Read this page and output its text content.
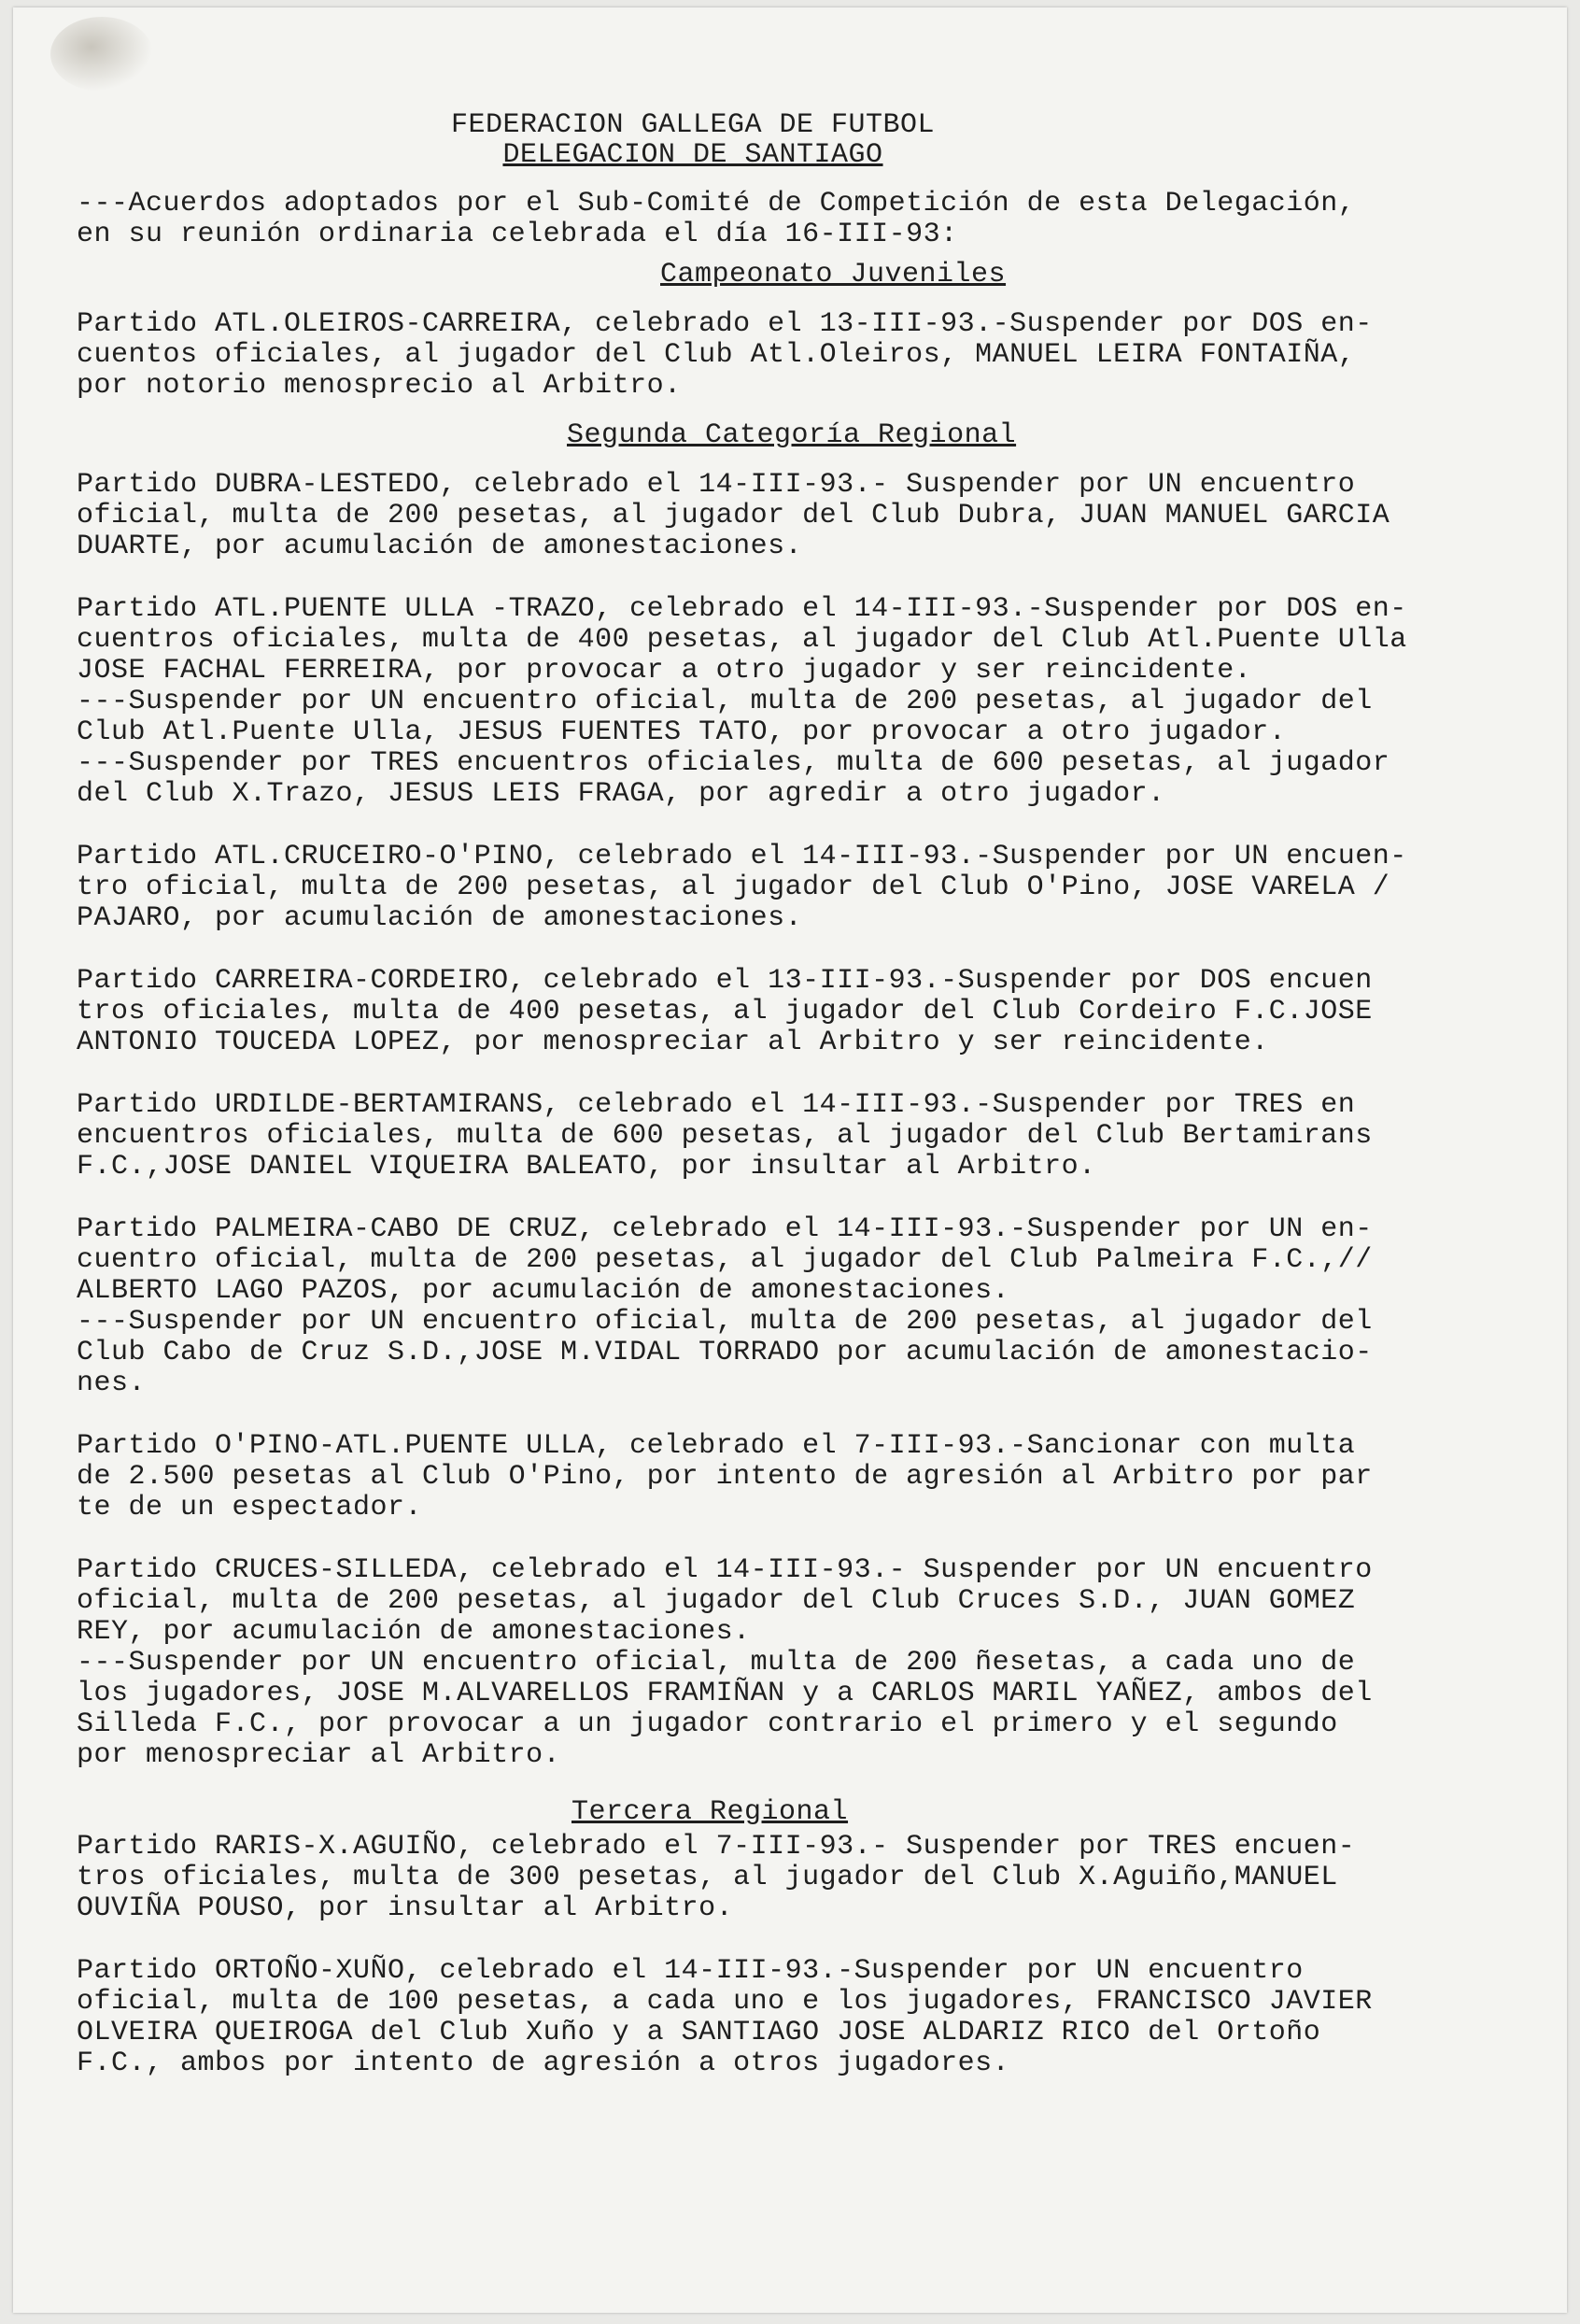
FEDERACION GALLEGA DE FUTBOL
DELEGACION DE SANTIAGO
---Acuerdos adoptados por el Sub-Comité de Competición de esta Delegación,
en su reunión ordinaria celebrada el día 16-III-93:
Campeonato Juveniles
Partido ATL.OLEIROS-CARREIRA, celebrado el 13-III-93.-Suspender por DOS en-
cuentos oficiales, al jugador del Club Atl.Oleiros, MANUEL LEIRA FONTAIÑA,
por notorio menosprecio al Arbitro.
Segunda Categoría Regional
Partido DUBRA-LESTEDO, celebrado el 14-III-93.- Suspender por UN encuentro
oficial, multa de 200 pesetas, al jugador del Club Dubra, JUAN MANUEL GARCIA
DUARTE, por acumulación de amonestaciones.
Partido ATL.PUENTE ULLA -TRAZO, celebrado el 14-III-93.-Suspender por DOS en-
cuentros oficiales, multa de 400 pesetas, al jugador del Club Atl.Puente Ulla
JOSE FACHAL FERREIRA, por provocar a otro jugador y ser reincidente.
---Suspender por UN encuentro oficial, multa de 200 pesetas, al jugador del
Club Atl.Puente Ulla, JESUS FUENTES TATO, por provocar a otro jugador.
---Suspender por TRES encuentros oficiales, multa de 600 pesetas, al jugador
del Club X.Trazo, JESUS LEIS FRAGA, por agredir a otro jugador.
Partido ATL.CRUCEIRO-O'PINO, celebrado el 14-III-93.-Suspender por UN encuen-
tro oficial, multa de 200 pesetas, al jugador del Club O'Pino, JOSE VARELA /
PAJARO, por acumulación de amonestaciones.
Partido CARREIRA-CORDEIRO, celebrado el 13-III-93.-Suspender por DOS encuen
tros oficiales, multa de 400 pesetas, al jugador del Club Cordeiro F.C.JOSE
ANTONIO TOUCEDA LOPEZ, por menospreciar al Arbitro y ser reincidente.
Partido URDILDE-BERTAMIRANS, celebrado el 14-III-93.-Suspender por TRES en
encuentros oficiales, multa de 600 pesetas, al jugador del Club Bertamirans
F.C.,JOSE DANIEL VIQUEIRA BALEATO, por insultar al Arbitro.
Partido PALMEIRA-CABO DE CRUZ, celebrado el 14-III-93.-Suspender por UN en-
cuentro oficial, multa de 200 pesetas, al jugador del Club Palmeira F.C.,//
ALBERTO LAGO PAZOS, por acumulación de amonestaciones.
---Suspender por UN encuentro oficial, multa de 200 pesetas, al jugador del
Club Cabo de Cruz S.D.,JOSE M.VIDAL TORRADO por acumulación de amonestacio-
nes.
Partido O'PINO-ATL.PUENTE ULLA, celebrado el 7-III-93.-Sancionar con multa
de 2.500 pesetas al Club O'Pino, por intento de agresión al Arbitro por par
te de un espectador.
Partido CRUCES-SILLEDA, celebrado el 14-III-93.- Suspender por UN encuentro
oficial, multa de 200 pesetas, al jugador del Club Cruces S.D., JUAN GOMEZ
REY, por acumulación de amonestaciones.
---Suspender por UN encuentro oficial, multa de 200 ñesetas, a cada uno de
los jugadores, JOSE M.ALVARELLOS FRAMIÑAN y a CARLOS MARIL YAÑEZ, ambos del
Silleda F.C., por provocar a un jugador contrario el primero y el segundo
por menospreciar al Arbitro.
Tercera Regional
Partido RARIS-X.AGUIÑO, celebrado el 7-III-93.- Suspender por TRES encuen-
tros oficiales, multa de 300 pesetas, al jugador del Club X.Aguiño,MANUEL
OUVIÑA POUSO, por insultar al Arbitro.
Partido ORTOÑO-XUÑO, celebrado el 14-III-93.-Suspender por UN encuentro
oficial, multa de 100 pesetas, a cada uno e los jugadores, FRANCISCO JAVIER
OLVEIRA QUEIROGA del Club Xuño y a SANTIAGO JOSE ALDARIZ RICO del Ortoño
F.C., ambos por intento de agresión a otros jugadores.
